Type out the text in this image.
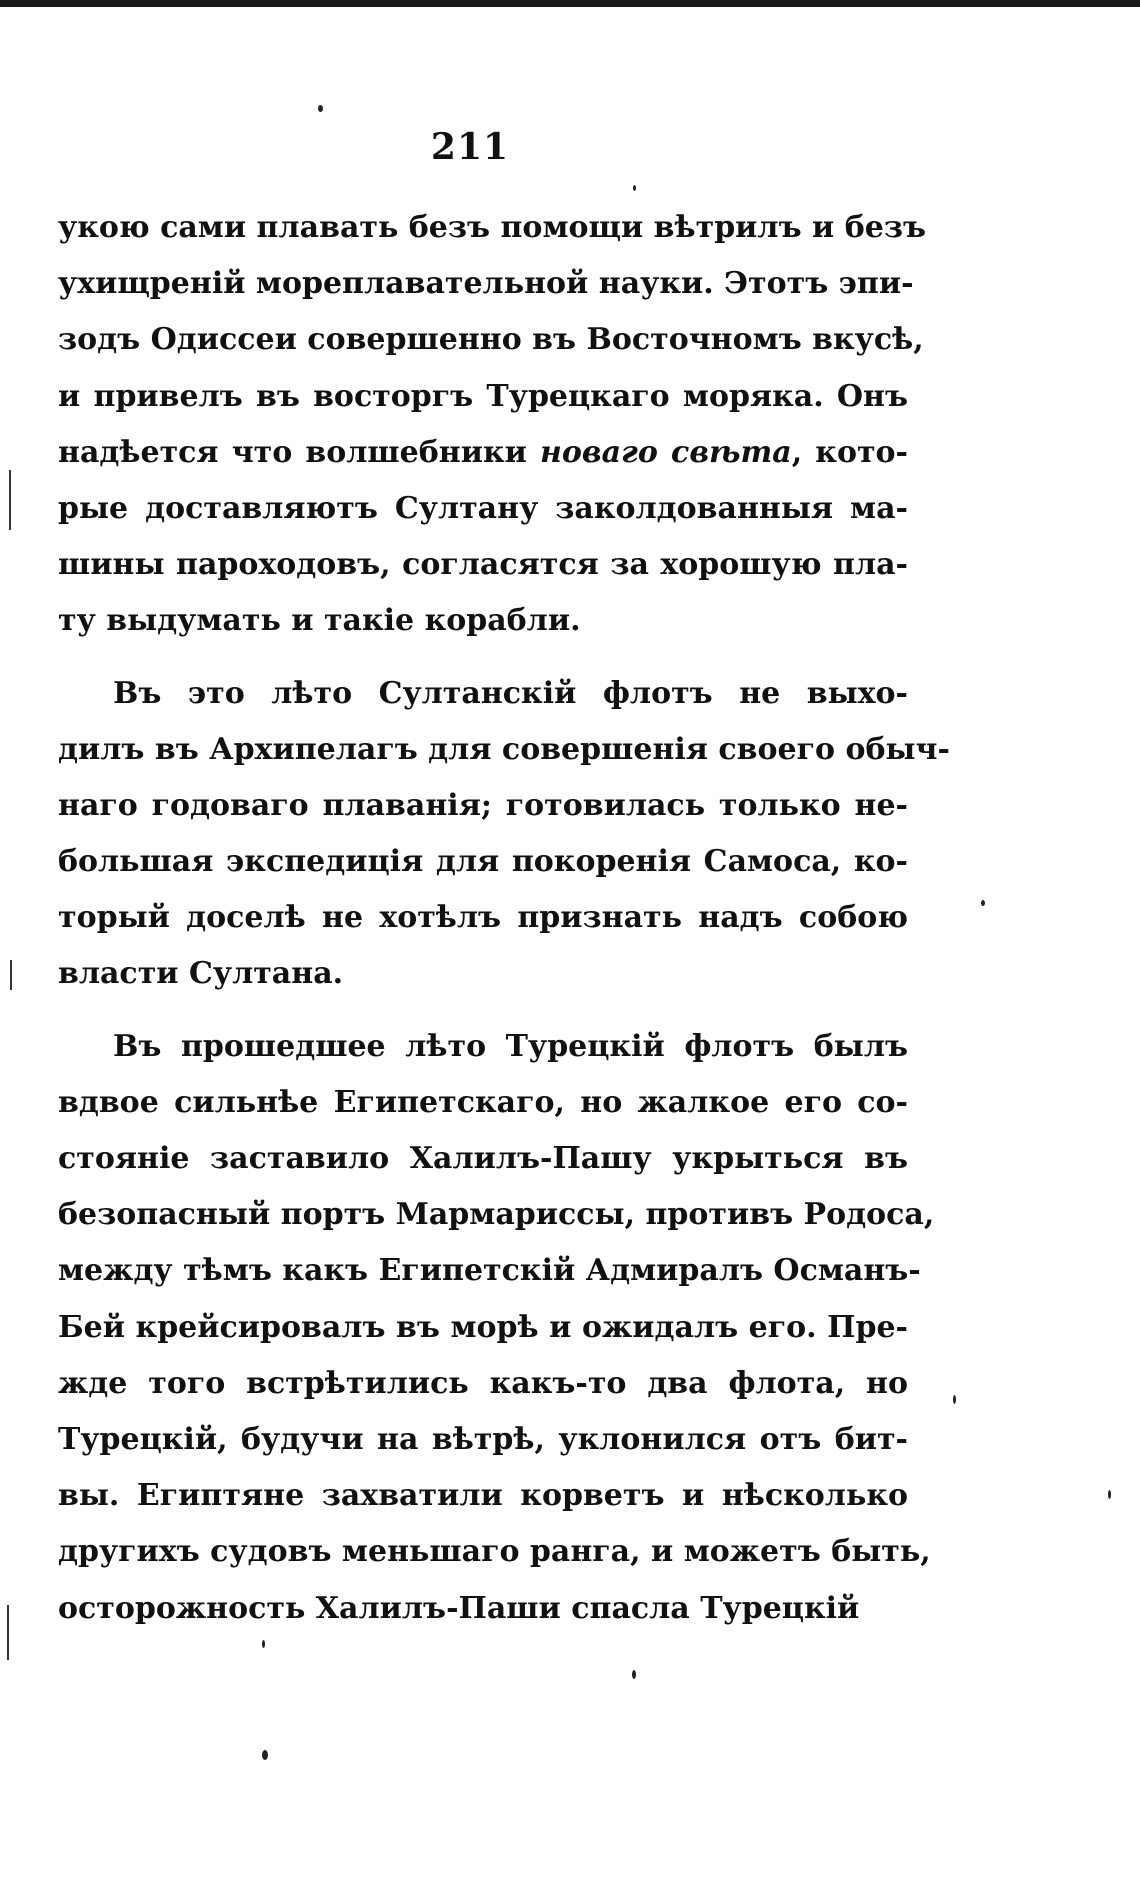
211
укою сами плавать безъ помощи вѣтрилъ и безъ
ухищреній мореплавательной науки. Этотъ эпи-
зодъ Одиссеи совершенно въ Восточномъ вкусѣ,
и привелъ въ восторгъ Турецкаго моряка. Онъ
надѣется что волшебники новаго свѣта, кото-
рые доставляютъ Султану заколдованныя ма-
шины пароходовъ, согласятся за хорошую пла-
ту выдумать и такіе корабли.
Въ это лѣто Султанскій флотъ не выхо-
дилъ въ Архипелагъ для совершенія своего обыч-
наго годоваго плаванія; готовилась только не-
большая экспедиція для покоренія Самоса, ко-
торый доселѣ не хотѣлъ признать надъ собою
власти Султана.
Въ прошедшее лѣто Турецкій флотъ былъ
вдвое сильнѣе Египетскаго, но жалкое его со-
стояніе заставило Халилъ-Пашу укрыться въ
безопасный портъ Мармариссы, противъ Родоса,
между тѣмъ какъ Египетскій Адмиралъ Османъ-
Бей крейсировалъ въ морѣ и ожидалъ его. Пре-
жде того встрѣтились какъ-то два флота, но
Турецкій, будучи на вѣтрѣ, уклонился отъ бит-
вы. Египтяне захватили корветъ и нѣсколько
другихъ судовъ меньшаго ранга, и можетъ быть,
осторожность Халилъ-Паши спасла Турецкій
